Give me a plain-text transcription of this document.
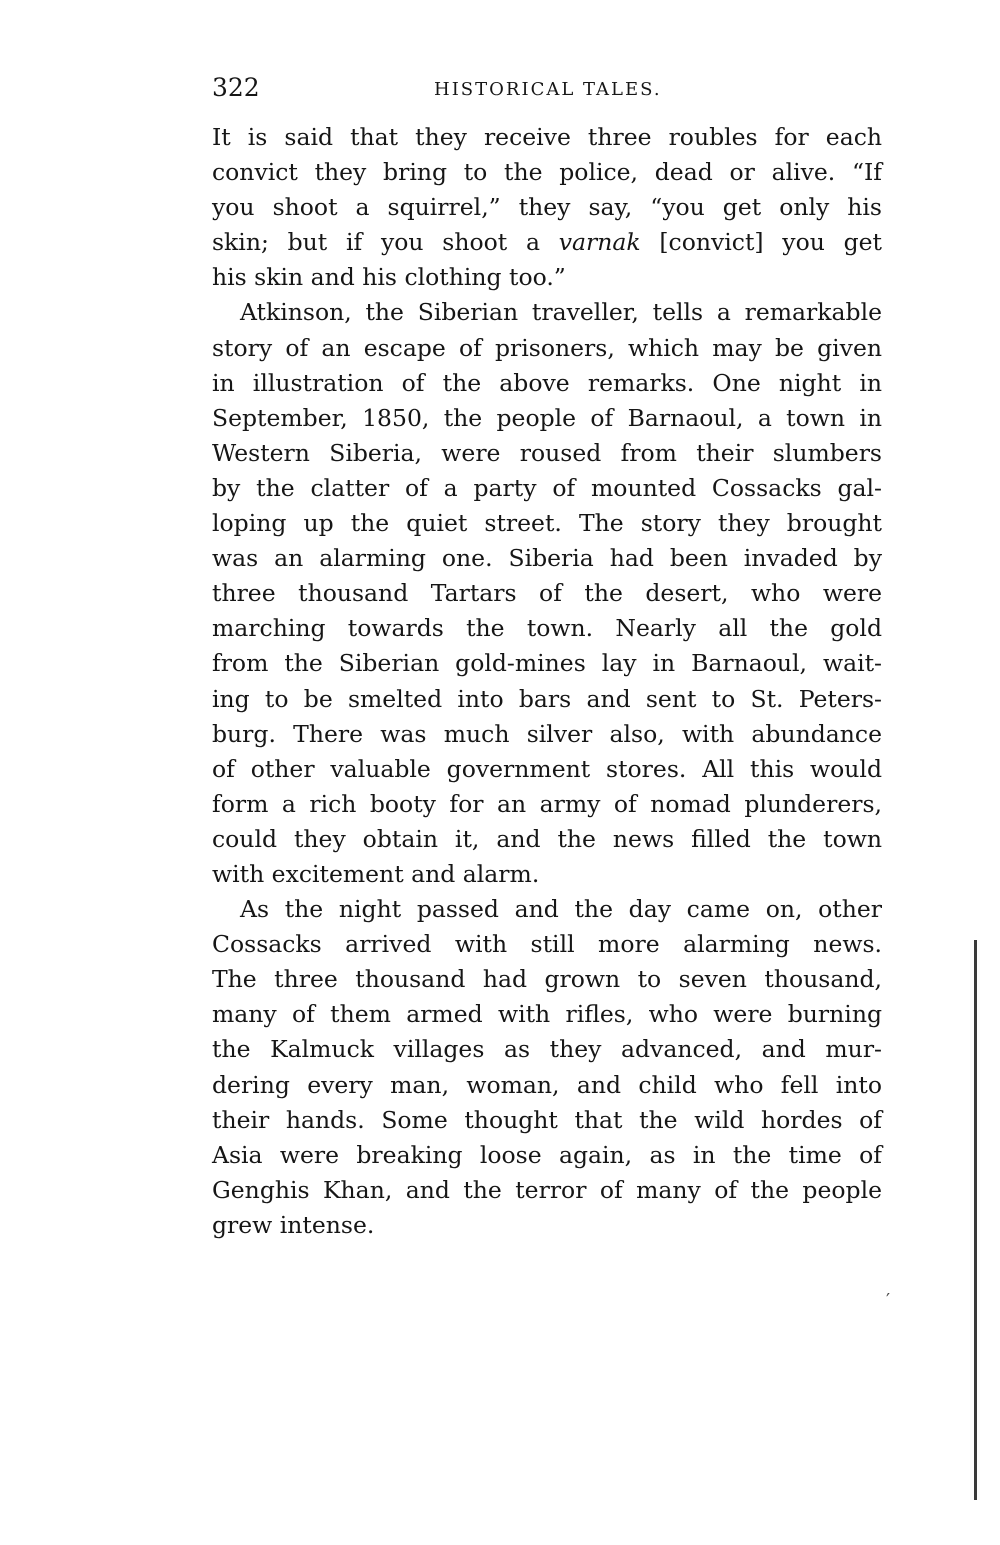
322	HISTORICAL TALES.
It is said that they receive three roubles for each
convict they bring to the police, dead or alive. “If
you shoot a squirrel,” they say, “you get only his
skin; but if you shoot a varnak [convict] you get
his skin and his clothing too.”
Atkinson, the Siberian traveller, tells a remarkable
story of an escape of prisoners, which may be given
in illustration of the above remarks. One night in
September, 1850, the people of Barnaoul, a town in
Western Siberia, were roused from their slumbers
by the clatter of a party of mounted Cossacks gal-
loping up the quiet street. The story they brought
was an alarming one. Siberia had been invaded by
three thousand Tartars of the desert, who were
marching towards the town. Nearly all the gold
from the Siberian gold-mines lay in Barnaoul, wait-
ing to be smelted into bars and sent to St. Peters-
burg. There was much silver also, with abundance
of other valuable government stores. All this would
form a rich booty for an army of nomad plunderers,
could they obtain it, and the news filled the town
with excitement and alarm.
As the night passed and the day came on, other
Cossacks arrived with still more alarming news.
The three thousand had grown to seven thousand,
many of them armed with rifles, who were burning
the Kalmuck villages as they advanced, and mur-
dering every man, woman, and child who fell into
their hands. Some thought that the wild hordes of
Asia were breaking loose again, as in the time of
Genghis Khan, and the terror of many of the people
grew intense.
′
